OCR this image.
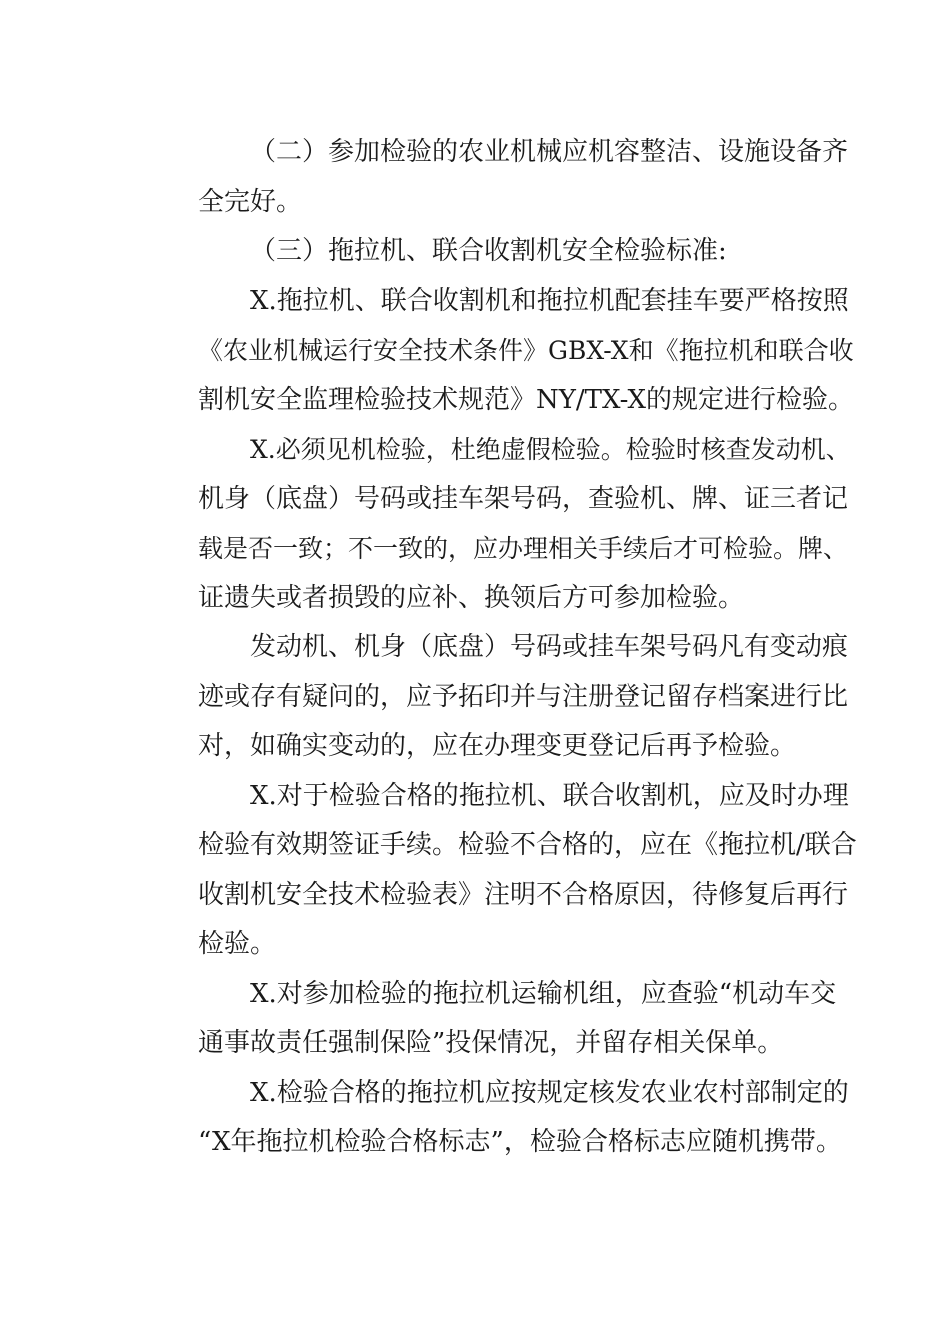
（二）参加检验的农业机械应机容整洁、设施设备齐
全完好。
（三）拖拉机、联合收割机安全检验标准:
X.拖拉机、联合收割机和拖拉机配套挂车要严格按照
《农业机械运行安全技术条件》GBX-X和《拖拉机和联合收
割机安全监理检验技术规范》NY/TX-X的规定进行检验。
X.必须见机检验，杜绝虚假检验。检验时核查发动机、
机身（底盘）号码或挂车架号码，查验机、牌、证三者记
载是否一致；不一致的，应办理相关手续后才可检验。牌、
证遗失或者损毁的应补、换领后方可参加检验。
发动机、机身（底盘）号码或挂车架号码凡有变动痕
迹或存有疑问的，应予拓印并与注册登记留存档案进行比
对，如确实变动的，应在办理变更登记后再予检验。
X.对于检验合格的拖拉机、联合收割机，应及时办理
检验有效期签证手续。检验不合格的，应在《拖拉机/联合
收割机安全技术检验表》注明不合格原因，待修复后再行
检验。
X.对参加检验的拖拉机运输机组，应查验“机动车交
通事故责任强制保险”投保情况，并留存相关保单。
X.检验合格的拖拉机应按规定核发农业农村部制定的
“X年拖拉机检验合格标志”，检验合格标志应随机携带。
